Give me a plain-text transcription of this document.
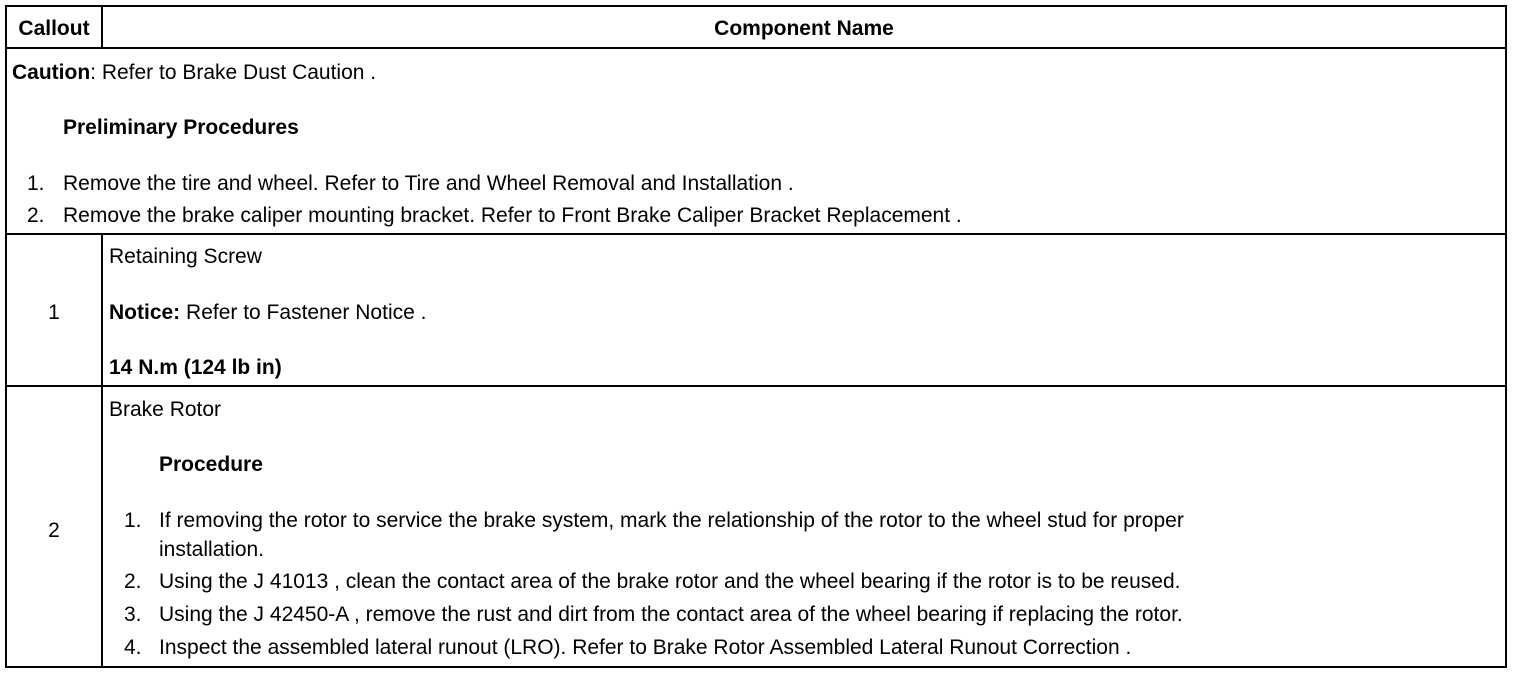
Callout	Component Name
Caution: Refer to Brake Dust Caution .
Preliminary Procedures
1. Remove the tire and wheel. Refer to Tire and Wheel Removal and Installation .
2. Remove the brake caliper mounting bracket. Refer to Front Brake Caliper Bracket Replacement .
1
Retaining Screw
Notice: Refer to Fastener Notice .
14 N.m (124 lb in)
2
Brake Rotor
Procedure
1. If removing the rotor to service the brake system, mark the relationship of the rotor to the wheel stud for proper
installation.
2. Using the J 41013 , clean the contact area of the brake rotor and the wheel bearing if the rotor is to be reused.
3. Using the J 42450-A , remove the rust and dirt from the contact area of the wheel bearing if replacing the rotor.
4. Inspect the assembled lateral runout (LRO). Refer to Brake Rotor Assembled Lateral Runout Correction .
